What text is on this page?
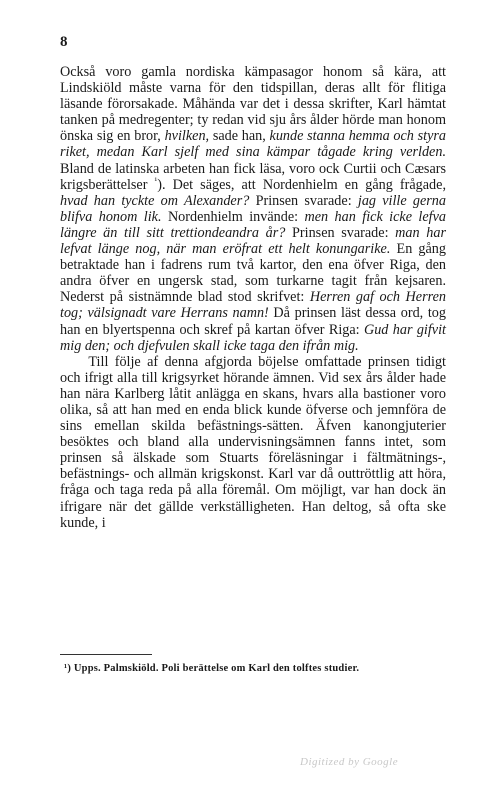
8

Också voro gamla nordiska kämpasagor honom så kära, att Lindskiöld måste varna för den tidspillan, deras allt för flitiga läsande förorsakade. Måhända var det i dessa skrifter, Karl hämtat tanken på medregenter; ty redan vid sju års ålder hörde man honom önska sig en bror, hvilken, sade han, kunde stanna hemma och styra riket, medan Karl sjelf med sina kämpar tågade kring verlden. Bland de latinska arbeten han fick läsa, voro ock Curtii och Cæsars krigsberättelser $^{^1}$). Det säges, att Nordenhielm en gång frågade, hvad han tyckte om Alexander? Prinsen svarade: jag ville gerna blifva honom lik. Nordenhielm invände: men han fick icke lefva längre än till sitt trettiondeandra år? Prinsen svarade: man har lefvat länge nog, när man eröfrat ett helt konungarike. En gång betraktade han i fadrens rum två kartor, den ena öfver Riga, den andra öfver en ungersk stad, som turkarne tagit från kejsaren. Nederst på sistnämnde blad stod skrifvet: Herren gaf och Herren tog; välsignadt vare Herrans namn! Då prinsen läst dessa ord, tog han en blyertspenna och skref på kartan öfver Riga: Gud har gifvit mig den; och djefvulen skall icke taga den ifrån mig.

Till följe af denna afgjorda böjelse omfattade prinsen tidigt och ifrigt alla till krigsyrket hörande ämnen. Vid sex års ålder hade han nära Karlberg låtit anlägga en skans, hvars alla bastioner voro olika, så att han med en enda blick kunde öfverse och jemnföra de sins emellan skilda befästnings-sätten. Äfven kanongjuterier besöktes och bland alla undervisningsämnen fanns intet, som prinsen så älskade som Stuarts föreläsningar i fältmätnings-, befästnings- och allmän krigskonst. Karl var då outtröttlig att höra, fråga och taga reda på alla föremål. Om möjligt, var han dock än ifrigare när det gällde verkställigheten. Han deltog, så ofta ske kunde, i

¹) Upps. Palmskiöld. Poli berättelse om Karl den tolftes studier.
Digitized by Google
